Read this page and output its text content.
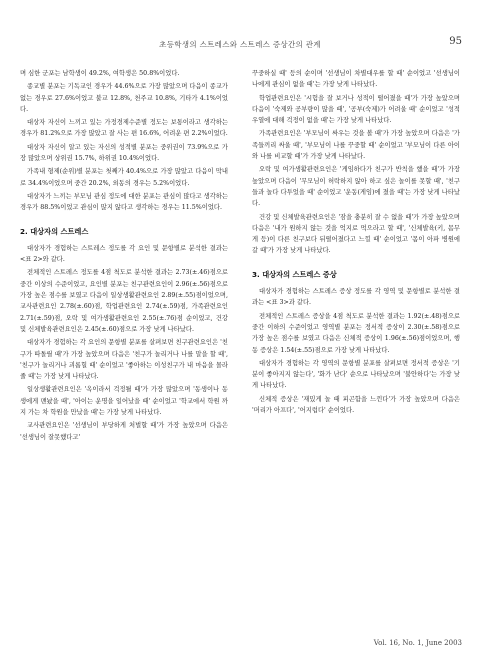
초등학생의 스트레스와 스트레스 증상간의 관계	95

며 심한 군포는 남학생이 49.2%, 여학생은 50.8%이었다.

종교별 분포는 기독교인 경우가 44.6%으로 가장 많았으며 다음이 종교가 없는 경우로 27.6%이었고 불교 12.8%, 천주교 10.8%, 기타가 4.1%이었다.

대상자 자신이 느끼고 있는 가정경제수준별 정도는 보통이라고 생각하는 경우가 81.2%으로 가장 많았고 잘 사는 편 16.6%, 어려운 편 2.2%이었다.

대상자 자신이 알고 있는 자신의 성적별 분포는 중위권이 73.9%으로 가장 많았으며 상위권 15.7%, 하위권 10.4%이었다.

가족내 형제(순위)별 분포는 첫째가 40.4%으로 가장 많았고 다음이 막내로 34.4%이었으며 중간 20.2%, 외동의 경우는 5.2%이었다.

대상자가 느끼는 부모님 관심 정도에 대한 분포는 관심이 많다고 생각하는 경우가 88.5%이었고 관심이 많지 않다고 생각하는 경우는 11.5%이었다.

2. 대상자의 스트레스

대상자가 경험하는 스트레스 정도를 각 요인 및 문항별로 분석한 결과는 <표 2>와 같다.

전체적인 스트레스 정도를 4점 척도로 분석한 결과는 2.73(±.46)점으로 중간 이상의 수준이었고, 요인별 분포는 친구관련요인이 2.96(±.56)점으로 가장 높은 점수를 보였고 다음이 일상생활관련요인 2.89(±.55)점이었으며, 교사관련요인 2.78(±.60)점, 학업관련요인 2.74(±.59)점, 가족관련요인 2.71(±.59)점, 오락 및 여가생활관련요인 2.55(±.76)점 순이었고, 건강 및 신체발육관련요인은 2.45(±.60)점으로 가장 낮게 나타났다.

대상자가 경험하는 각 요인의 문항별 분포를 살펴보면 친구관련요인은 '친구가 따돌릴 때'가 가장 높았으며 다음은 '친구가 놀리거나 나를 말을 할 때', '친구가 놀리거나 괴롭힐 때' 순이었고 '좋아하는 이성친구가 내 마음을 몰라줄 때'는 가장 낮게 나타났다.

일상생활관련요인은 '옥이라서 걱정될 때'가 가장 많았으며 '동생이나 동생에게 맨놨을 때', '아이는 운명을 일어났을 때' 순이었고 '학교에서 학원 까지 가는 차 학원을 만났을 때'는 가장 낮게 나타났다.

교사관련요인은 '선생님이 부당하게 처벌할 때'가 가장 높았으며 다음은 '선생님이 잘못했다고'

꾸중하실 때' 등의 순이며 '선생님이 차별대우를 할 때' 순이었고 '선생님이 나에게 관심이 없을 때'는 가장 낮게 나타났다.

학업관련요인은 '시험을 잘 보거나 성적이 떨어졌을 때'가 가장 높았으며 다음이 '숙제와 공부량이 많을 때', '공부(숙제)가 어려울 때' 순이었고 '성적 우열에 대해 걱정이 없을 때'는 가장 낮게 나타났다.

가족관련요인은 '부모님이 싸우는 것을 볼 때'가 가장 높았으며 다음은 '가족들끼리 싸울 때', '부모님이 나를 꾸중할 때' 순이었고 '부모님이 다른 아이와 나를 비교할 때'가 가장 낮게 나타났다.

오락 및 여가생활관련요인은 '게임하다가 친구가 반칙을 했을 때'가 가장 높았으며 다음이 '무모님이 허락하지 않아 하고 싶은 놀이를 못할 때', '친구들과 놀다 다투었을 때' 순이었고 '운동(게임)에 졌을 때'는 가장 낮게 나타났다.

건강 및 신체발육관련요인은 '잠을 충분히 잘 수 없을 때'가 가장 높았으며 다음은 '내가 원하지 않는 것을 억지로 먹으라고 할 때', '신체발육(키, 몸무게 등)이 다른 친구보다 뒤떨어졌다고 느낄 때' 순이었고 '몸이 아파 병원에 갈 때'가 가장 낮게 나타났다.

3. 대상자의 스트레스 증상

대상자가 경험하는 스트레스 증상 정도를 각 영역 및 문항별로 분석한 결과는 <표 3>과 같다.

전체적인 스트레스 증상을 4점 척도로 분석한 결과는 1.92(±.48)점으로 중간 이하의 수준이었고 영역별 분포는 정서적 증상이 2.30(±.58)점으로 가장 높은 점수를 보였고 다음은 신체적 증상이 1.96(±.56)점이었으며, 행동 증상은 1.54(±.55)점으로 가장 낮게 나타났다.

대상자가 경험하는 각 영역의 문항별 분포를 살펴보면 정서적 증상은 '기분이 좋아지지 않는다', '화가 난다' 순으로 나타났으며 '불안하다'는 가장 낮게 나타났다.

신체적 증상은 '재밌게 놀 때 피곤함을 느낀다'가 가장 높았으며 다음은 '머리가 아프다', '어지럽다' 순이었다.

Vol. 16, No. 1, June 2003
